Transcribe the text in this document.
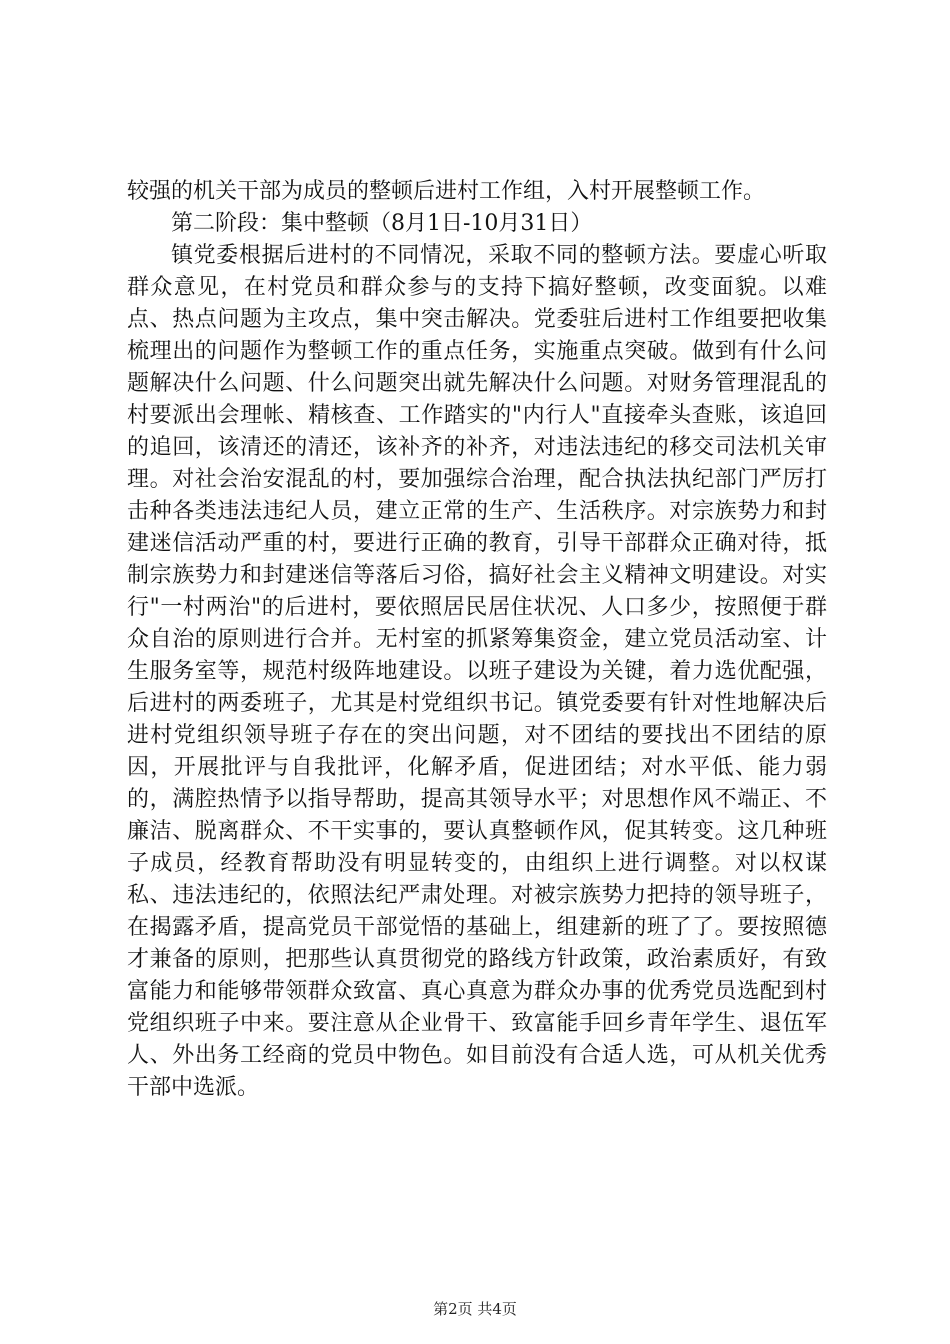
较强的机关干部为成员的整顿后进村工作组，入村开展整顿工作。

第二阶段：集中整顿（8月1日-10月31日）

镇党委根据后进村的不同情况，采取不同的整顿方法。要虚心听取群众意见，在村党员和群众参与的支持下搞好整顿，改变面貌。以难点、热点问题为主攻点，集中突击解决。党委驻后进村工作组要把收集梳理出的问题作为整顿工作的重点任务，实施重点突破。做到有什么问题解决什么问题、什么问题突出就先解决什么问题。对财务管理混乱的村要派出会理帐、精核查、工作踏实的"内行人"直接牵头查账，该追回的追回，该清还的清还，该补齐的补齐，对违法违纪的移交司法机关审理。对社会治安混乱的村，要加强综合治理，配合执法执纪部门严厉打击种各类违法违纪人员，建立正常的生产、生活秩序。对宗族势力和封建迷信活动严重的村，要进行正确的教育，引导干部群众正确对待，抵制宗族势力和封建迷信等落后习俗，搞好社会主义精神文明建设。对实行"一村两治"的后进村，要依照居民居住状况、人口多少，按照便于群众自治的原则进行合并。无村室的抓紧筹集资金，建立党员活动室、计生服务室等，规范村级阵地建设。以班子建设为关键，着力选优配强，后进村的两委班子，尤其是村党组织书记。镇党委要有针对性地解决后进村党组织领导班子存在的突出问题，对不团结的要找出不团结的原因，开展批评与自我批评，化解矛盾，促进团结；对水平低、能力弱的，满腔热情予以指导帮助，提高其领导水平；对思想作风不端正、不廉洁、脱离群众、不干实事的，要认真整顿作风，促其转变。这几种班子成员，经教育帮助没有明显转变的，由组织上进行调整。对以权谋私、违法违纪的，依照法纪严肃处理。对被宗族势力把持的领导班子，在揭露矛盾，提高党员干部觉悟的基础上，组建新的班了了。要按照德才兼备的原则，把那些认真贯彻党的路线方针政策，政治素质好，有致富能力和能够带领群众致富、真心真意为群众办事的优秀党员选配到村党组织班子中来。要注意从企业骨干、致富能手回乡青年学生、退伍军人、外出务工经商的党员中物色。如目前没有合适人选，可从机关优秀干部中选派。

第2页 共4页
